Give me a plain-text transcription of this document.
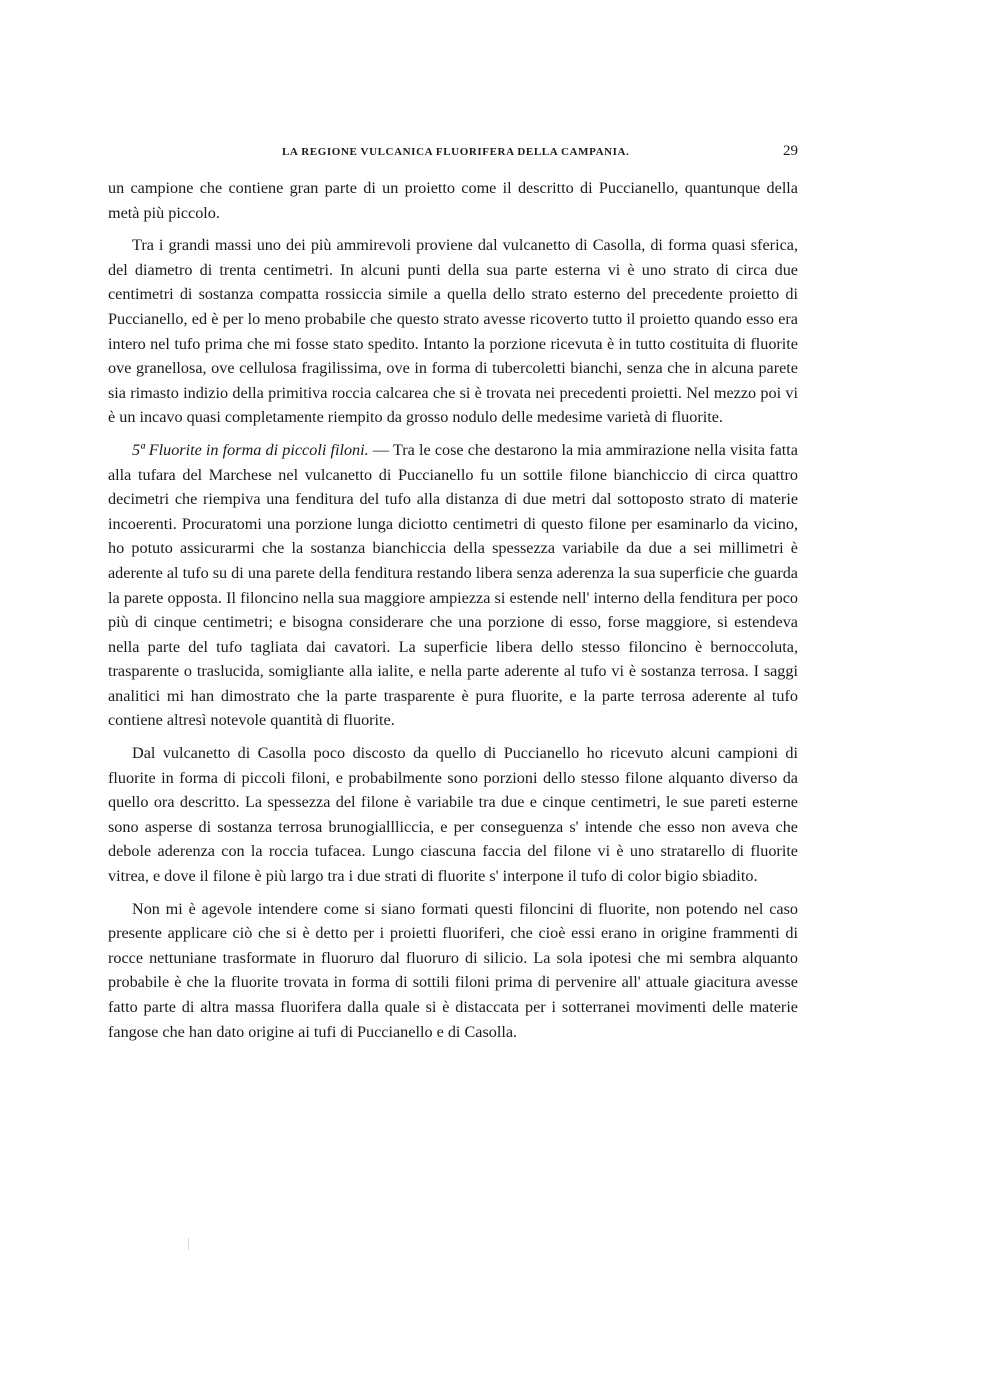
LA REGIONE VULCANICA FLUORIFERA DELLA CAMPANIA.	29

un campione che contiene gran parte di un proietto come il descritto di Puccianello, quantunque della metà più piccolo.

Tra i grandi massi uno dei più ammirevoli proviene dal vulcanetto di Casolla, di forma quasi sferica, del diametro di trenta centimetri. In alcuni punti della sua parte esterna vi è uno strato di circa due centimetri di sostanza compatta rossiccia simile a quella dello strato esterno del precedente proietto di Puccianello, ed è per lo meno probabile che questo strato avesse ricoverto tutto il proietto quando esso era intero nel tufo prima che mi fosse stato spedito. Intanto la porzione ricevuta è in tutto costituita di fluorite ove granellosa, ove cellulosa fragilissima, ove in forma di tubercoletti bianchi, senza che in alcuna parete sia rimasto indizio della primitiva roccia calcarea che si è trovata nei precedenti proietti. Nel mezzo poi vi è un incavo quasi completamente riempito da grosso nodulo delle medesime varietà di fluorite.

5ª Fluorite in forma di piccoli filoni. — Tra le cose che destarono la mia ammirazione nella visita fatta alla tufara del Marchese nel vulcanetto di Puccianello fu un sottile filone bianchiccio di circa quattro decimetri che riempiva una fenditura del tufo alla distanza di due metri dal sottoposto strato di materie incoerenti. Procuratomi una porzione lunga diciotto centimetri di questo filone per esaminarlo da vicino, ho potuto assicurarmi che la sostanza bianchiccia della spessezza variabile da due a sei millimetri è aderente al tufo su di una parete della fenditura restando libera senza aderenza la sua superficie che guarda la parete opposta. Il filoncino nella sua maggiore ampiezza si estende nell' interno della fenditura per poco più di cinque centimetri; e bisogna considerare che una porzione di esso, forse maggiore, si estendeva nella parte del tufo tagliata dai cavatori. La superficie libera dello stesso filoncino è bernoccoluta, trasparente o traslucida, somigliante alla ialite, e nella parte aderente al tufo vi è sostanza terrosa. I saggi analitici mi han dimostrato che la parte trasparente è pura fluorite, e la parte terrosa aderente al tufo contiene altresì notevole quantità di fluorite.

Dal vulcanetto di Casolla poco discosto da quello di Puccianello ho ricevuto alcuni campioni di fluorite in forma di piccoli filoni, e probabilmente sono porzioni dello stesso filone alquanto diverso da quello ora descritto. La spessezza del filone è variabile tra due e cinque centimetri, le sue pareti esterne sono asperse di sostanza terrosa brunogiallliccia, e per conseguenza s' intende che esso non aveva che debole aderenza con la roccia tufacea. Lungo ciascuna faccia del filone vi è uno stratarello di fluorite vitrea, e dove il filone è più largo tra i due strati di fluorite s' interpone il tufo di color bigio sbiadito.

Non mi è agevole intendere come si siano formati questi filoncini di fluorite, non potendo nel caso presente applicare ciò che si è detto per i proietti fluoriferi, che cioè essi erano in origine frammenti di rocce nettuniane trasformate in fluoruro dal fluoruro di silicio. La sola ipotesi che mi sembra alquanto probabile è che la fluorite trovata in forma di sottili filoni prima di pervenire all' attuale giacitura avesse fatto parte di altra massa fluorifera dalla quale si è distaccata per i sotterranei movimenti delle materie fangose che han dato origine ai tufi di Puccianello e di Casolla.
